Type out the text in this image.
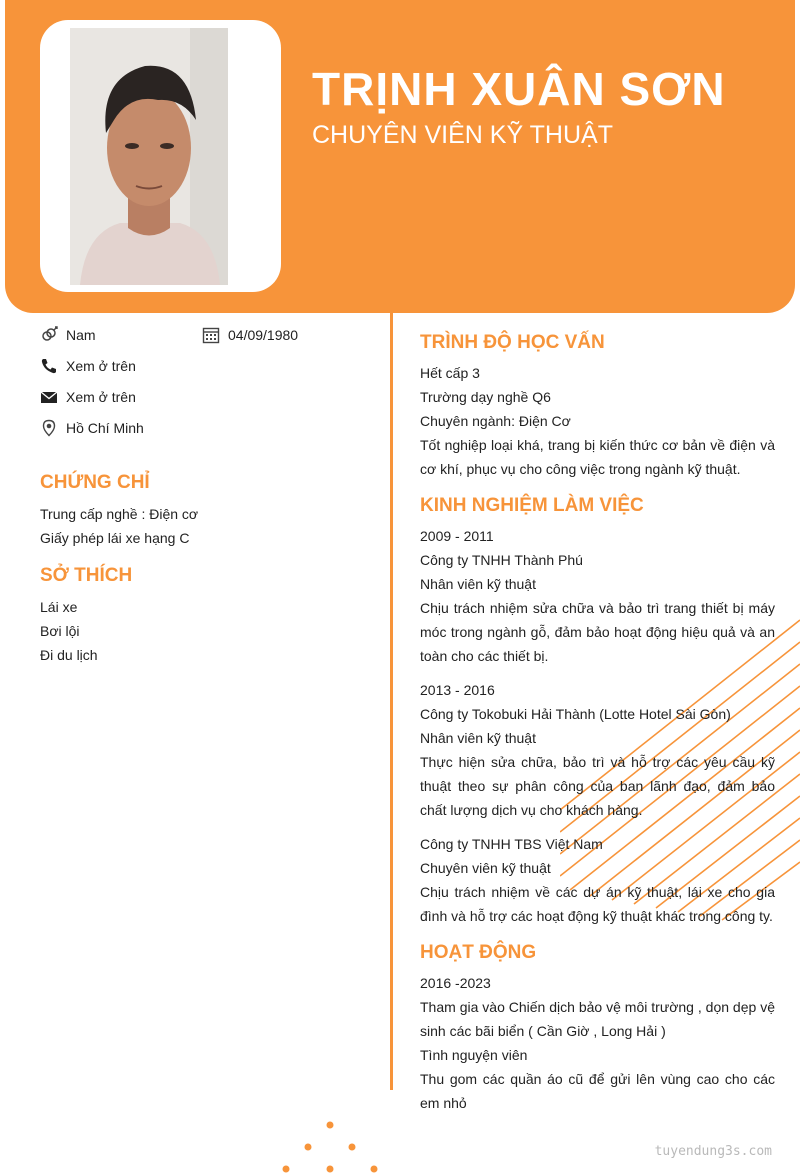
TRỊNH XUÂN SƠN
CHUYÊN VIÊN KỸ THUẬT
Nam	04/09/1980
Xem ở trên
Xem ở trên
Hồ Chí Minh
CHỨNG CHỈ
Trung cấp nghề : Điện cơ
Giấy phép lái xe hạng C
SỞ THÍCH
Lái xe
Bơi lội
Đi du lịch
TRÌNH ĐỘ HỌC VẤN
Hết cấp 3
Trường dạy nghề Q6
Chuyên ngành: Điện Cơ
Tốt nghiệp loại khá, trang bị kiến thức cơ bản về điện và cơ khí, phục vụ cho công việc trong ngành kỹ thuật.
KINH NGHIỆM LÀM VIỆC
2009 - 2011
Công ty TNHH Thành Phú
Nhân viên kỹ thuật
Chịu trách nhiệm sửa chữa và bảo trì trang thiết bị máy móc trong ngành gỗ, đảm bảo hoạt động hiệu quả và an toàn cho các thiết bị.
2013 - 2016
Công ty Tokobuki Hải Thành (Lotte Hotel Sài Gòn)
Nhân viên kỹ thuật
Thực hiện sửa chữa, bảo trì và hỗ trợ các yêu cầu kỹ thuật theo sự phân công của ban lãnh đạo, đảm bảo chất lượng dịch vụ cho khách hàng.
Công ty TNHH TBS Việt Nam
Chuyên viên kỹ thuật
Chịu trách nhiệm về các dự án kỹ thuật, lái xe cho gia đình và hỗ trợ các hoạt động kỹ thuật khác trong công ty.
HOẠT ĐỘNG
2016 -2023
Tham gia vào Chiến dịch bảo vệ môi trường , dọn dẹp vệ sinh các bãi biển ( Cần Giờ , Long Hải )
Tình nguyện viên
Thu gom các quần áo cũ để gửi lên vùng cao cho các em nhỏ
tuyendung3s.com
